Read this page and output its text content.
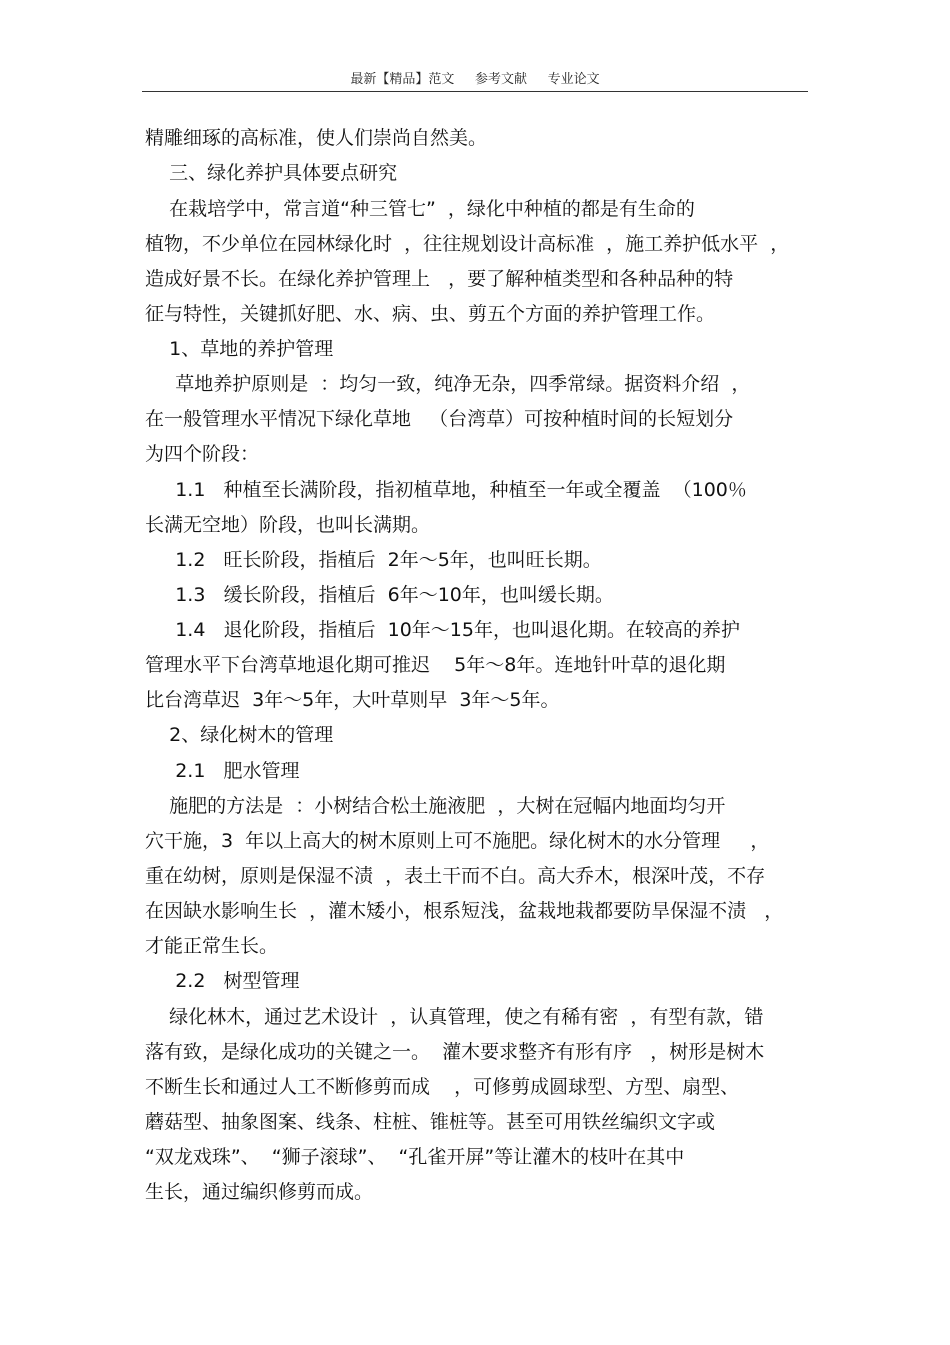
最新【精品】范文     参考文献     专业论文
精雕细琢的高标准，使人们崇尚自然美。
三、绿化养护具体要点研究
在栽培学中，常言道“种三管七”  ，绿化中种植的都是有生命的
植物，不少单位在园林绿化时  ，往往规划设计高标准  ，施工养护低水平  ，
造成好景不长。在绿化养护管理上   ，要了解种植类型和各种品种的特
征与特性，关键抓好肥、水、病、虫、剪五个方面的养护管理工作。
1、草地的养护管理
草地养护原则是  ：均匀一致，纯净无杂，四季常绿。据资料介绍  ，
在一般管理水平情况下绿化草地   （台湾草）可按种植时间的长短划分
为四个阶段：
1.1   种植至长满阶段，指初植草地，种植至一年或全覆盖  （100％
长满无空地）阶段，也叫长满期。
1.2   旺长阶段，指植后  2年～5年，也叫旺长期。
1.3   缓长阶段，指植后  6年～10年，也叫缓长期。
1.4   退化阶段，指植后  10年～15年，也叫退化期。在较高的养护
管理水平下台湾草地退化期可推迟    5年～8年。连地针叶草的退化期
比台湾草迟  3年～5年，大叶草则早  3年～5年。
2、绿化树木的管理
2.1   肥水管理
施肥的方法是  ：小树结合松土施液肥  ，大树在冠幅内地面均匀开
穴干施，3  年以上高大的树木原则上可不施肥。绿化树木的水分管理     ，
重在幼树，原则是保湿不渍  ，表土干而不白。高大乔木，根深叶茂，不存
在因缺水影响生长  ，灌木矮小，根系短浅，盆栽地栽都要防旱保湿不渍   ，
才能正常生长。
2.2   树型管理
绿化林木，通过艺术设计  ，认真管理，使之有稀有密  ，有型有款，错
落有致，是绿化成功的关键之一。  灌木要求整齐有形有序   ，树形是树木
不断生长和通过人工不断修剪而成    ，可修剪成圆球型、方型、扇型、
蘑菇型、抽象图案、线条、柱桩、锥桩等。甚至可用铁丝编织文字或
“双龙戏珠”、  “狮子滚球”、  “孔雀开屏”等让灌木的枝叶在其中
生长，通过编织修剪而成。
